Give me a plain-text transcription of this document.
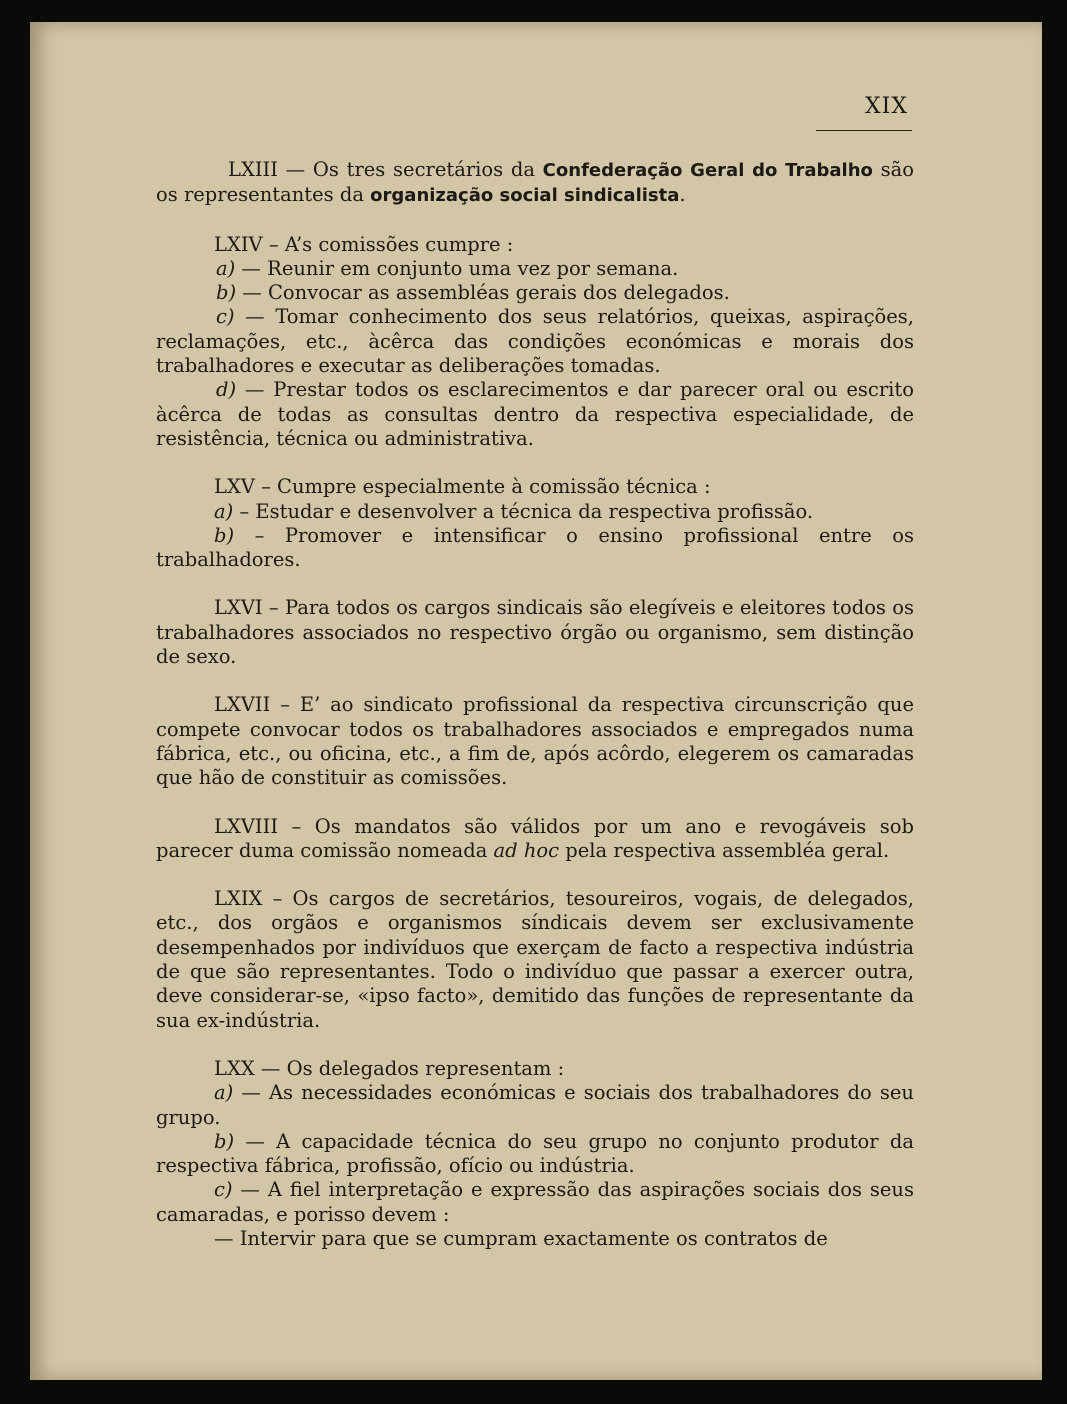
XIX

LXIII — Os tres secretários da Confederação Geral do Trabalho são os representantes da organização social sindicalista.

LXIV – A’s comissões cumpre :

a) — Reunir em conjunto uma vez por semana.

b) — Convocar as assembléas gerais dos delegados.

c) — Tomar conhecimento dos seus relatórios, queixas, aspirações, reclamações, etc., àcêrca das condições económicas e morais dos trabalhadores e executar as deliberações tomadas.

d) — Prestar todos os esclarecimentos e dar parecer oral ou escrito àcêrca de todas as consultas dentro da respectiva especialidade, de resistência, técnica ou administrativa.

LXV – Cumpre especialmente à comissão técnica :

a) – Estudar e desenvolver a técnica da respectiva profissão.

b) – Promover e intensificar o ensino profissional entre os trabalhadores.

LXVI – Para todos os cargos sindicais são elegíveis e eleitores todos os trabalhadores associados no respectivo órgão ou organismo, sem distinção de sexo.

LXVII – E’ ao sindicato profissional da respectiva circunscrição que compete convocar todos os trabalhadores associados e empregados numa fábrica, etc., ou oficina, etc., a fim de, após acôrdo, elegerem os camaradas que hão de constituir as comissões.

LXVIII – Os mandatos são válidos por um ano e revogáveis sob parecer duma comissão nomeada ad hoc pela respectiva assembléa geral.

LXIX – Os cargos de secretários, tesoureiros, vogais, de delegados, etc., dos orgãos e organismos síndicais devem ser exclusivamente desempenhados por indivíduos que exerçam de facto a respectiva indústria de que são representantes. Todo o indivíduo que passar a exercer outra, deve considerar-se, «ipso facto», demitido das funções de representante da sua ex-indústria.

LXX — Os delegados representam :

a) — As necessidades económicas e sociais dos trabalhadores do seu grupo.

b) — A capacidade técnica do seu grupo no conjunto produtor da respectiva fábrica, profissão, ofício ou indústria.

c) — A fiel interpretação e expressão das aspirações sociais dos seus camaradas, e porisso devem :

— Intervir para que se cumpram exactamente os contratos de
